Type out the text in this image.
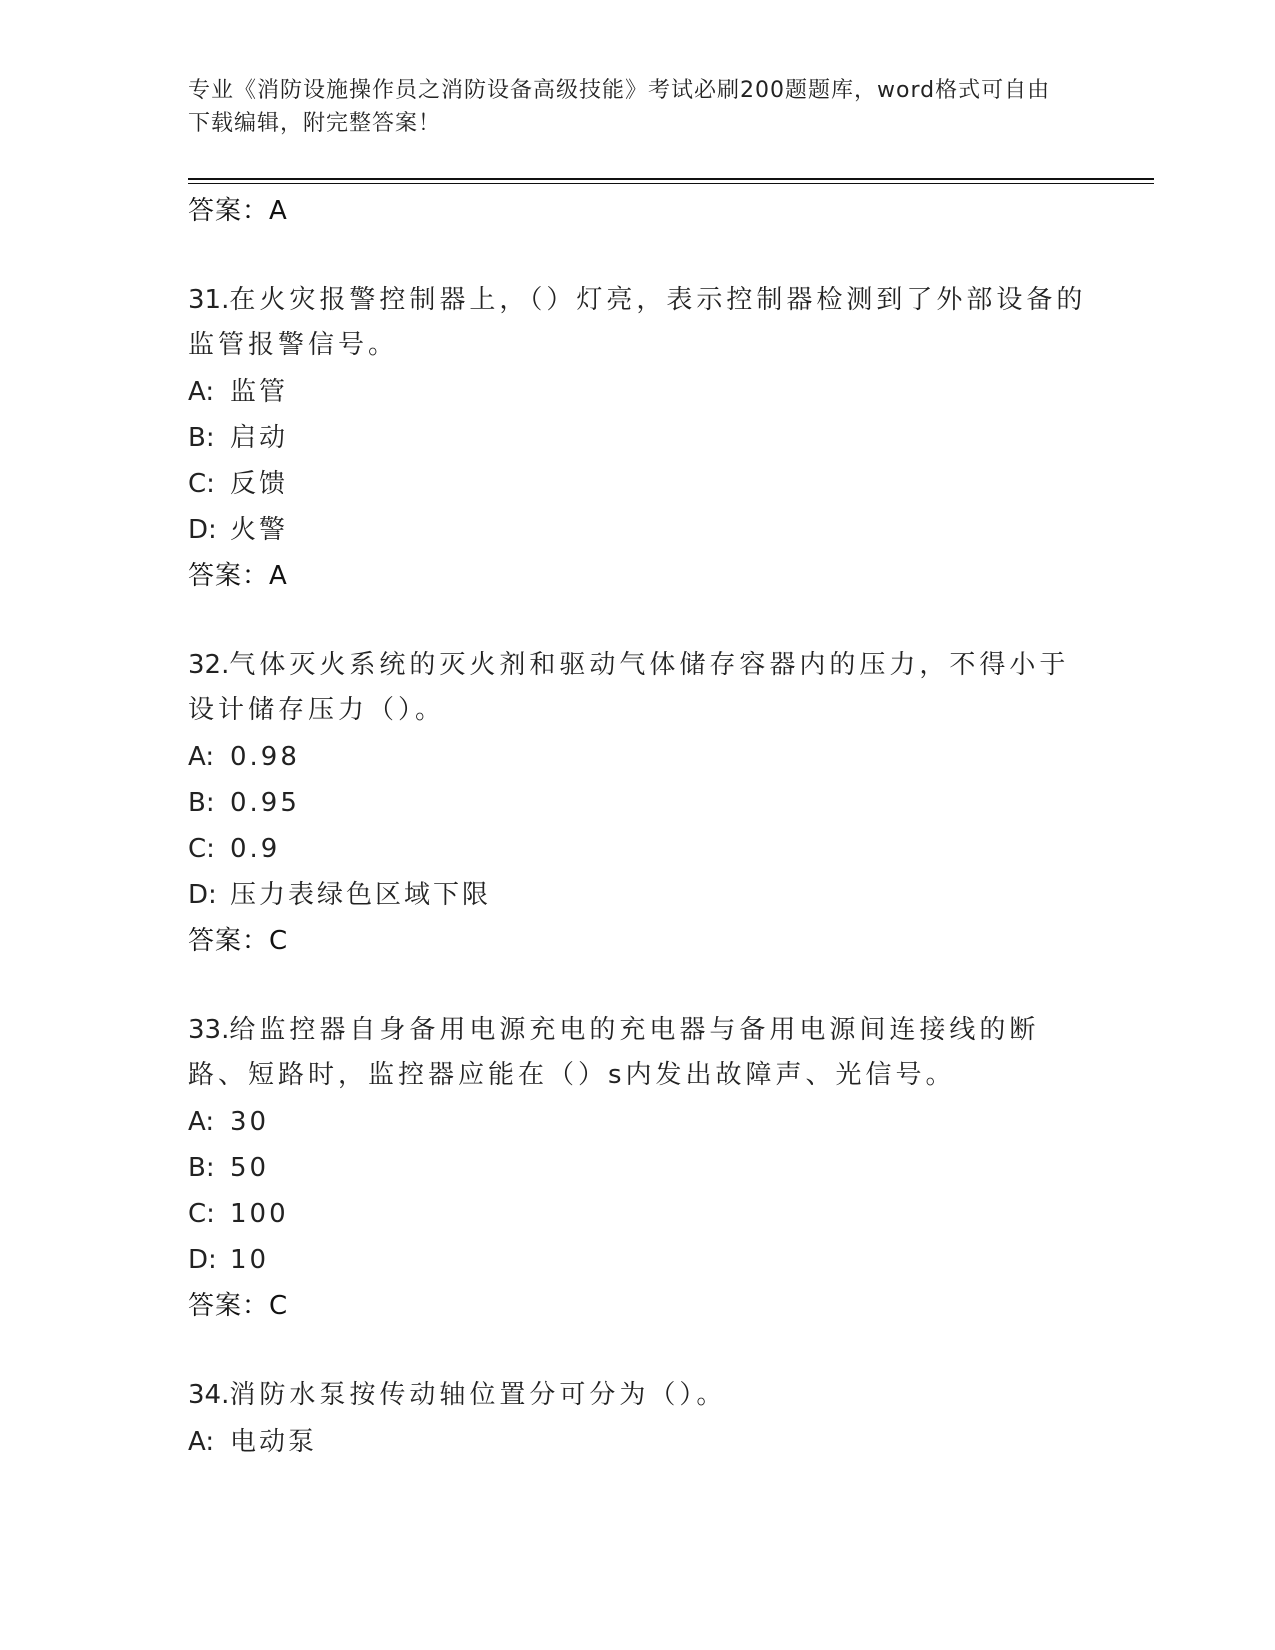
专业《消防设施操作员之消防设备高级技能》考试必刷200题题库，word格式可自由下载编辑，附完整答案！
答案：A
31.在火灾报警控制器上，（）灯亮，表示控制器检测到了外部设备的监管报警信号。
A: 监管
B: 启动
C: 反馈
D: 火警
答案：A
32.气体灭火系统的灭火剂和驱动气体储存容器内的压力，不得小于设计储存压力（）。
A: 0.98
B: 0.95
C: 0.9
D: 压力表绿色区域下限
答案：C
33.给监控器自身备用电源充电的充电器与备用电源间连接线的断路、短路时，监控器应能在（）s内发出故障声、光信号。
A: 30
B: 50
C: 100
D: 10
答案：C
34.消防水泵按传动轴位置分可分为（）。
A: 电动泵
